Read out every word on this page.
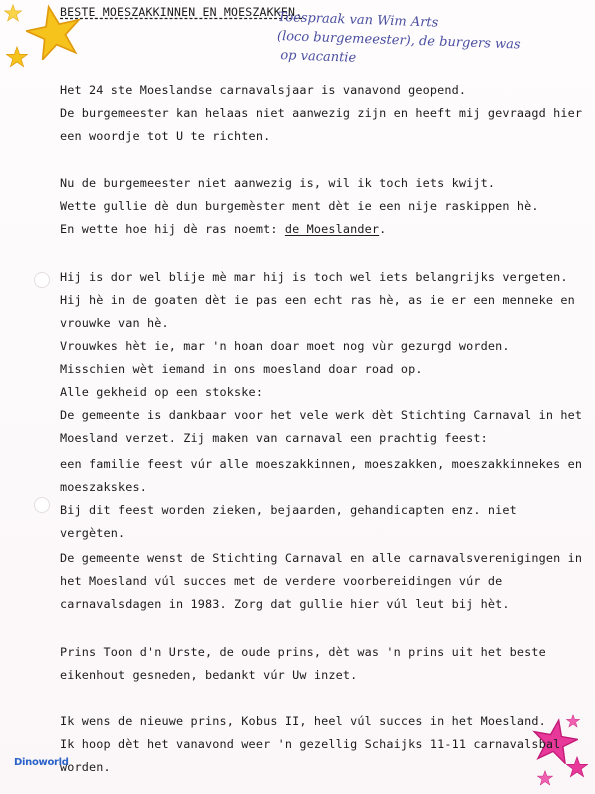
BESTE MOESZAKKINNEN EN MOESZAKKEN.
Toespraak van Wim Arts
(loco burgemeester), de burgers was
op vacantie
Het 24 ste Moeslandse carnavalsjaar is vanavond geopend.
De burgemeester kan helaas niet aanwezig zijn en heeft mij gevraagd hier
een woordje tot U te richten.
Nu de burgemeester niet aanwezig is, wil ik toch iets kwijt.
Wette gullie dè dun burgemèster ment dèt ie een nije raskippen hè.
En wette hoe hij dè ras noemt: de Moeslander.
Hij is dor wel blije mè mar hij is toch wel iets belangrijks vergeten.
Hij hè in de goaten dèt ie pas een echt ras hè, as ie er een menneke en
vrouwke van hè.
Vrouwkes hèt ie, mar 'n hoan doar moet nog vùr gezurgd worden.
Misschien wèt iemand in ons moesland doar road op.
Alle gekheid op een stokske:
De gemeente is dankbaar voor het vele werk dèt Stichting Carnaval in het
Moesland verzet. Zij maken van carnaval een prachtig feest:
een familie feest vúr alle moeszakkinnen, moeszakken, moeszakkinnekes en
moeszakskes.
Bij dit feest worden zieken, bejaarden, gehandicapten enz. niet
vergèten.
De gemeente wenst de Stichting Carnaval en alle carnavalsverenigingen in
het Moesland vúl succes met de verdere voorbereidingen vúr de
carnavalsdagen in 1983. Zorg dat gullie hier vúl leut bij hèt.
Prins Toon d'n Urste, de oude prins, dèt was 'n prins uit het beste
eikenhout gesneden, bedankt vúr Uw inzet.
Ik wens de nieuwe prins, Kobus II, heel vúl succes in het Moesland.
Ik hoop dèt het vanavond weer 'n gezellig Schaijks 11-11 carnavalsbal
worden.
Dinoworld
